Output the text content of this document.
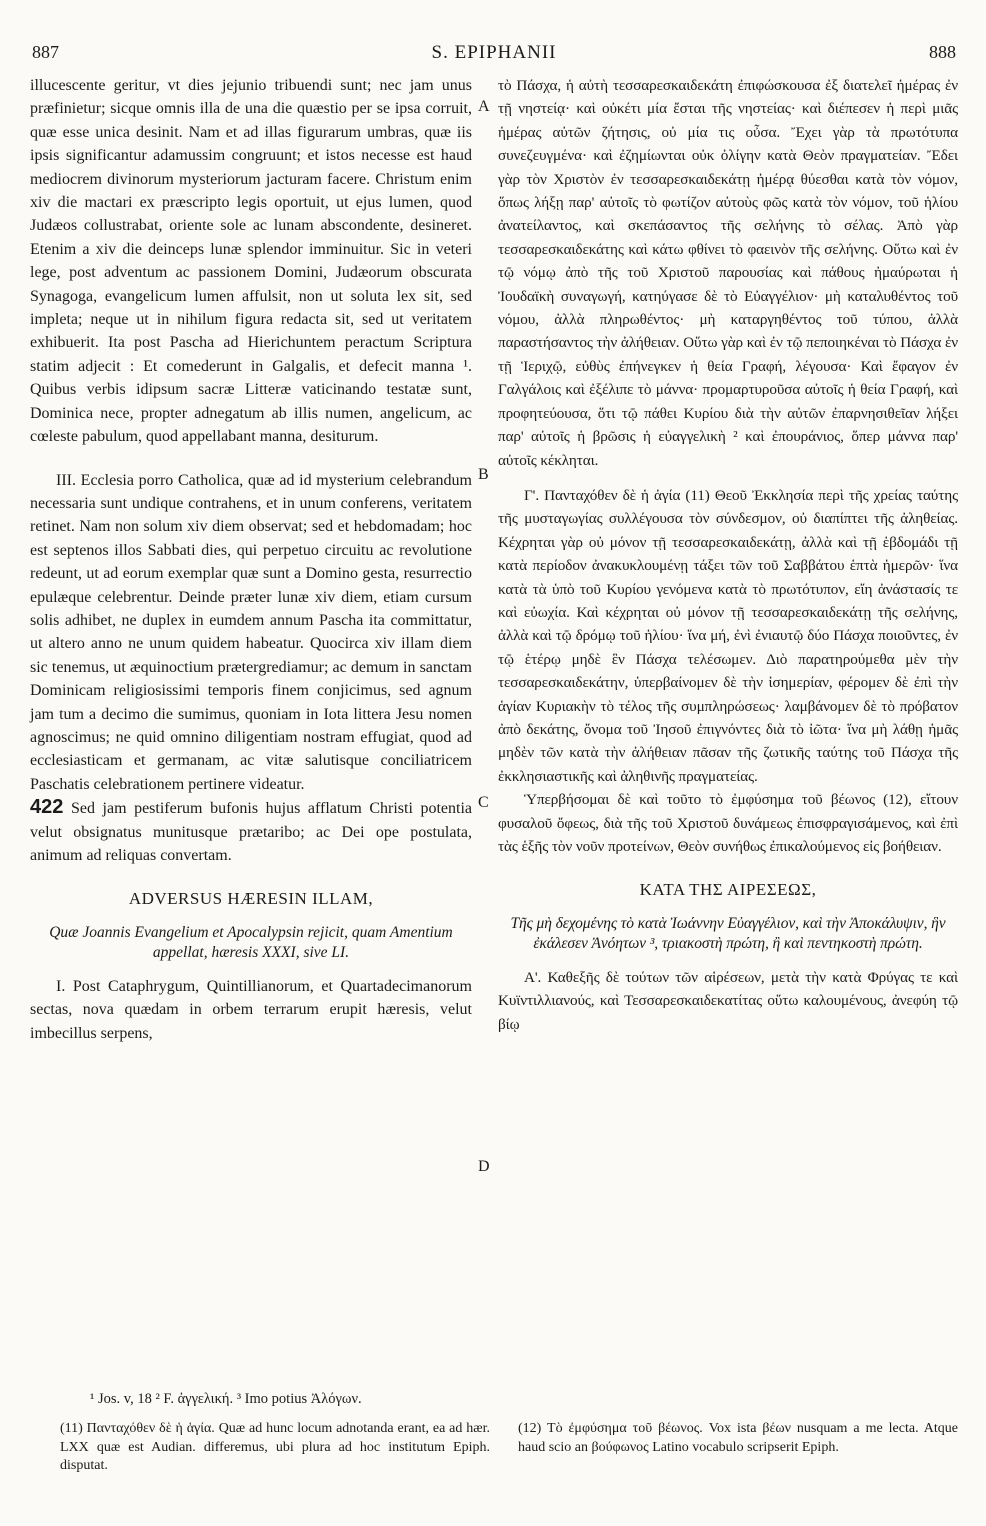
887	S. EPIPHANII	888

illucescente geritur, vt dies jejunio tribuendi sunt; nec jam unus præfinietur; sicque omnis illa de una die quæstio per se ipsa corruit, quæ esse unica desinit. Nam et ad illas figurarum umbras, quæ iis ipsis significantur adamussim congruunt; et istos necesse est haud mediocrem divinorum mysteriorum jacturam facere. Christum enim xiv die mactari ex præscripto legis oportuit, ut ejus lumen, quod Judæos collustrabat, oriente sole ac lunam abscondente, desineret. Etenim a xiv die deinceps lunæ splendor imminuitur. Sic in veteri lege, post adventum ac passionem Domini, Judæorum obscurata Synagoga, evangelicum lumen affulsit, non ut soluta lex sit, sed impleta; neque ut in nihilum figura redacta sit, sed ut veritatem exhibuerit. Ita post Pascha ad Hierichuntem peractum Scriptura statim adjecit : Et comederunt in Galgalis, et defecit manna ¹. Quibus verbis idipsum sacræ Litteræ vaticinando testatæ sunt, Dominica nece, propter adnegatum ab illis numen, angelicum, ac cœleste pabulum, quod appellabant manna, desiturum.

III. Ecclesia porro Catholica, quæ ad id mysterium celebrandum necessaria sunt undique contrahens, et in unum conferens, veritatem retinet. Nam non solum xiv diem observat; sed et hebdomadam; hoc est septenos illos Sabbati dies, qui perpetuo circuitu ac revolutione redeunt, ut ad eorum exemplar quæ sunt a Domino gesta, resurrectio epulæque celebrentur. Deinde præter lunæ xiv diem, etiam cursum solis adhibet, ne duplex in eumdem annum Pascha ita committatur, ut altero anno ne unum quidem habeatur. Quocirca xiv illam diem sic tenemus, ut æquinoctium prætergrediamur; ac demum in sanctam Dominicam religiosissimi temporis finem conjicimus, sed agnum jam tum a decimo die sumimus, quoniam in Iota littera Jesu nomen agnoscimus; ne quid omnino diligentiam nostram effugiat, quod ad ecclesiasticam et germanam, ac vitæ salutisque conciliatricem Paschatis celebrationem pertinere videatur.

422 Sed jam pestiferum bufonis hujus afflatum Christi potentia velut obsignatus munitusque prætaribo; ac Dei ope postulata, animum ad reliquas convertam.

ADVERSUS HÆRESIN ILLAM,

Quæ Joannis Evangelium et Apocalypsin rejicit, quam Amentium appellat, hæresis XXXI, sive LI.

I. Post Cataphrygum, Quintillianorum, et Quartadecimanorum sectas, nova quædam in orbem terrarum erupit hæresis, velut imbecillus serpens,

τὸ Πάσχα, ἡ αὐτὴ τεσσαρεσκαιδεκάτη ἐπιφώσκουσα ἐξ διατελεῖ ἡμέρας ἐν τῇ νηστείᾳ· καὶ οὐκέτι μία ἔσται τῆς νηστείας· καὶ διέπεσεν ἡ περὶ μιᾶς ἡμέρας αὐτῶν ζήτησις, οὐ μία τις οὖσα. Ἔχει γὰρ τὰ πρωτότυπα συνεζευγμένα· καὶ ἐζημίωνται οὐκ ὀλίγην κατὰ Θεὸν πραγματείαν. Ἔδει γὰρ τὸν Χριστὸν ἐν τεσσαρεσκαιδεκάτῃ ἡμέρᾳ θύεσθαι κατὰ τὸν νόμον, ὅπως λήξῃ παρ' αὐτοῖς τὸ φωτίζον αὐτοὺς φῶς κατὰ τὸν νόμον, τοῦ ἡλίου ἀνατείλαντος, καὶ σκεπάσαντος τῆς σελήνης τὸ σέλας. Ἀπὸ γὰρ τεσσαρεσκαιδεκάτης καὶ κάτω φθίνει τὸ φαεινὸν τῆς σελήνης. Οὕτω καὶ ἐν τῷ νόμῳ ἀπὸ τῆς τοῦ Χριστοῦ παρουσίας καὶ πάθους ἠμαύρωται ἡ Ἰουδαϊκὴ συναγωγή, κατηύγασε δὲ τὸ Εὐαγγέλιον· μὴ καταλυθέντος τοῦ νόμου, ἀλλὰ πληρωθέντος· μὴ καταργηθέντος τοῦ τύπου, ἀλλὰ παραστήσαντος τὴν ἀλήθειαν. Οὕτω γὰρ καὶ ἐν τῷ πεποιηκέναι τὸ Πάσχα ἐν τῇ Ἱεριχῷ, εὐθὺς ἐπήνεγκεν ἡ θεία Γραφή, λέγουσα· Καὶ ἔφαγον ἐν Γαλγάλοις καὶ ἐξέλιπε τὸ μάννα· προμαρτυροῦσα αὐτοῖς ἡ θεία Γραφή, καὶ προφητεύουσα, ὅτι τῷ πάθει Κυρίου διὰ τὴν αὐτῶν ἐπαρνησιθεῖαν λήξει παρ' αὐτοῖς ἡ βρῶσις ἡ εὐαγγελικὴ ² καὶ ἐπουράνιος, ὅπερ μάννα παρ' αὐτοῖς κέκληται.

Γ'. Πανταχόθεν δὲ ἡ ἁγία (11) Θεοῦ Ἐκκλησία περὶ τῆς χρείας ταύτης τῆς μυσταγωγίας συλλέγουσα τὸν σύνδεσμον, οὐ διαπίπτει τῆς ἀληθείας. Κέχρηται γὰρ οὐ μόνον τῇ τεσσαρεσκαιδεκάτῃ, ἀλλὰ καὶ τῇ ἑβδομάδι τῇ κατὰ περίοδον ἀνακυκλουμένῃ τάξει τῶν τοῦ Σαββάτου ἑπτὰ ἡμερῶν· ἵνα κατὰ τὰ ὑπὸ τοῦ Κυρίου γενόμενα κατὰ τὸ πρωτότυπον, εἴη ἀνάστασίς τε καὶ εὐωχία. Καὶ κέχρηται οὐ μόνον τῇ τεσσαρεσκαιδεκάτῃ τῆς σελήνης, ἀλλὰ καὶ τῷ δρόμῳ τοῦ ἡλίου· ἵνα μή, ἐνὶ ἐνιαυτῷ δύο Πάσχα ποιοῦντες, ἐν τῷ ἑτέρῳ μηδὲ ἓν Πάσχα τελέσωμεν. Διὸ παρατηρούμεθα μὲν τὴν τεσσαρεσκαιδεκάτην, ὑπερβαίνομεν δὲ τὴν ἰσημερίαν, φέρομεν δὲ ἐπὶ τὴν ἁγίαν Κυριακὴν τὸ τέλος τῆς συμπληρώσεως· λαμβάνομεν δὲ τὸ πρόβατον ἀπὸ δεκάτης, ὄνομα τοῦ Ἰησοῦ ἐπιγνόντες διὰ τὸ ἰῶτα· ἵνα μὴ λάθῃ ἡμᾶς μηδὲν τῶν κατὰ τὴν ἀλήθειαν πᾶσαν τῆς ζωτικῆς ταύτης τοῦ Πάσχα τῆς ἐκκλησιαστικῆς καὶ ἀληθινῆς πραγματείας.

Ὑπερβήσομαι δὲ καὶ τοῦτο τὸ ἐμφύσημα τοῦ βέωνος (12), εἴτουν φυσαλοῦ ὄφεως, διὰ τῆς τοῦ Χριστοῦ δυνάμεως ἐπισφραγισάμενος, καὶ ἐπὶ τὰς ἑξῆς τὸν νοῦν προτείνων, Θεὸν συνήθως ἐπικαλούμενος εἰς βοήθειαν.

ΚΑΤΑ ΤΗΣ ΑΙΡΕΣΕΩΣ,

Τῆς μὴ δεχομένης τὸ κατὰ Ἰωάννην Εὐαγγέλιον, καὶ τὴν Ἀποκάλυψιν, ἣν ἐκάλεσεν Ἀνόητων ³, τριακοστὴ πρώτη, ἢ καὶ πεντηκοστὴ πρώτη.

Α'. Καθεξῆς δὲ τούτων τῶν αἱρέσεων, μετὰ τὴν κατὰ Φρύγας τε καὶ Κυϊντιλλιανούς, καὶ Τεσσαρεσκαιδεκατίτας οὕτω καλουμένους, ἀνεφύη τῷ βίῳ

A
B
C
D
¹ Jos. v, 18 ² F. ἀγγελική. ³ Imo potius Ἀλόγων.
(11) Πανταχόθεν δὲ ἡ ἁγία. Quæ ad hunc locum adnotanda erant, ea ad hær. LXX quæ est Audian. differemus, ubi plura ad hoc institutum Epiph. disputat.
(12) Τὸ ἐμφύσημα τοῦ βέωνος. Vox ista βέων nusquam a me lecta. Atque haud scio an βούφωνος Latino vocabulo scripserit Epiph.
